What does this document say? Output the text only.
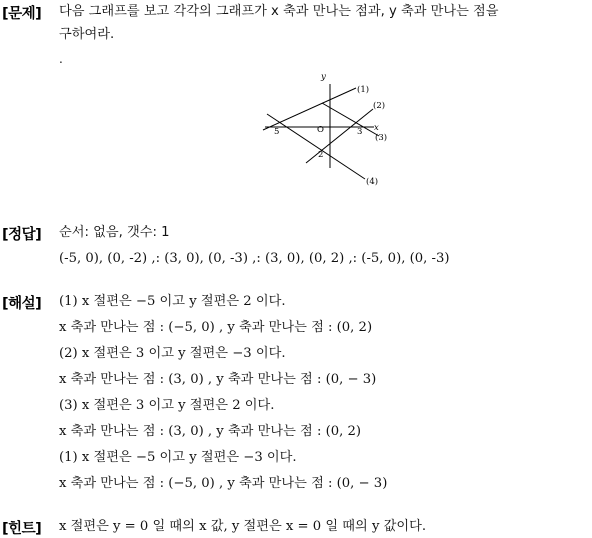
[문제] 다음 그래프를 보고 각각의 그래프가 x 축과 만나는 점과, y 축과 만나는 점을
구하여라.
.
y
x
O
5	3
2
(1)
(2)
(3)
(4)
[정답] 순서: 없음, 갯수: 1
(-5, 0), (0, -2) ,: (3, 0), (0, -3) ,: (3, 0), (0, 2) ,: (-5, 0), (0, -3)
[해설] (1) x 절편은 −5 이고 y 절편은 2 이다.
x 축과 만나는 점 : (−5, 0) , y 축과 만나는 점 : (0, 2)
(2) x 절편은 3 이고 y 절편은 −3 이다.
x 축과 만나는 점 : (3, 0) , y 축과 만나는 점 : (0, − 3)
(3) x 절편은 3 이고 y 절편은 2 이다.
x 축과 만나는 점 : (3, 0) , y 축과 만나는 점 : (0, 2)
(1) x 절편은 −5 이고 y 절편은 −3 이다.
x 축과 만나는 점 : (−5, 0) , y 축과 만나는 점 : (0, − 3)
[힌트] x 절편은 y = 0 일 때의 x 값, y 절편은 x = 0 일 때의 y 값이다.
